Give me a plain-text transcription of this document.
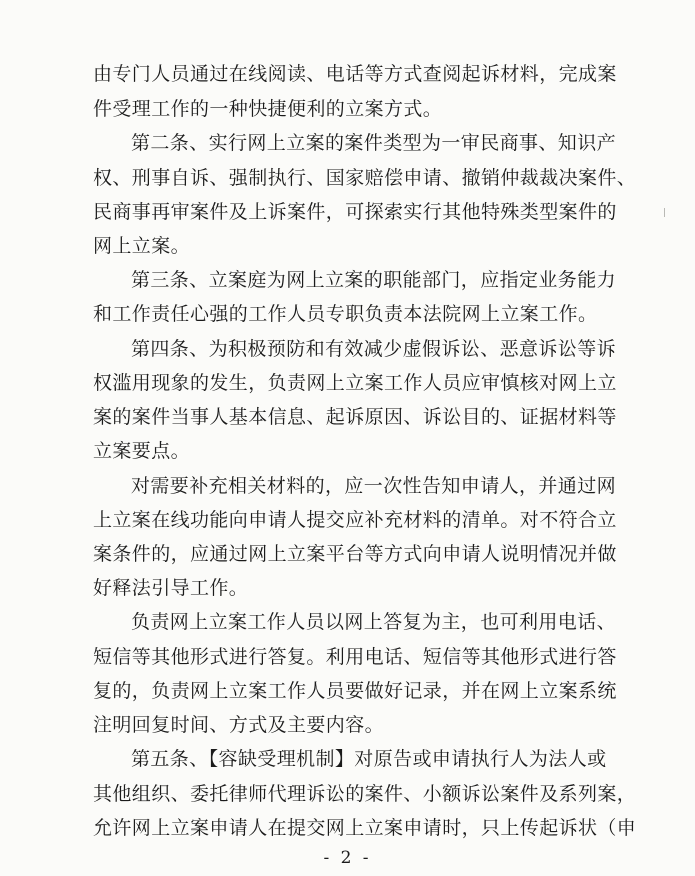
由专门人员通过在线阅读、电话等方式查阅起诉材料，完成案

件受理工作的一种快捷便利的立案方式。

第二条、实行网上立案的案件类型为一审民商事、知识产

权、刑事自诉、强制执行、国家赔偿申请、撤销仲裁裁决案件、

民商事再审案件及上诉案件，可探索实行其他特殊类型案件的

网上立案。

第三条、立案庭为网上立案的职能部门，应指定业务能力

和工作责任心强的工作人员专职负责本法院网上立案工作。

第四条、为积极预防和有效减少虚假诉讼、恶意诉讼等诉

权滥用现象的发生，负责网上立案工作人员应审慎核对网上立

案的案件当事人基本信息、起诉原因、诉讼目的、证据材料等

立案要点。

对需要补充相关材料的，应一次性告知申请人，并通过网

上立案在线功能向申请人提交应补充材料的清单。对不符合立

案条件的，应通过网上立案平台等方式向申请人说明情况并做

好释法引导工作。

负责网上立案工作人员以网上答复为主，也可利用电话、

短信等其他形式进行答复。利用电话、短信等其他形式进行答

复的，负责网上立案工作人员要做好记录，并在网上立案系统

注明回复时间、方式及主要内容。

第五条、【容缺受理机制】对原告或申请执行人为法人或

其他组织、委托律师代理诉讼的案件、小额诉讼案件及系列案，

允许网上立案申请人在提交网上立案申请时，只上传起诉状（申

- 2 -
